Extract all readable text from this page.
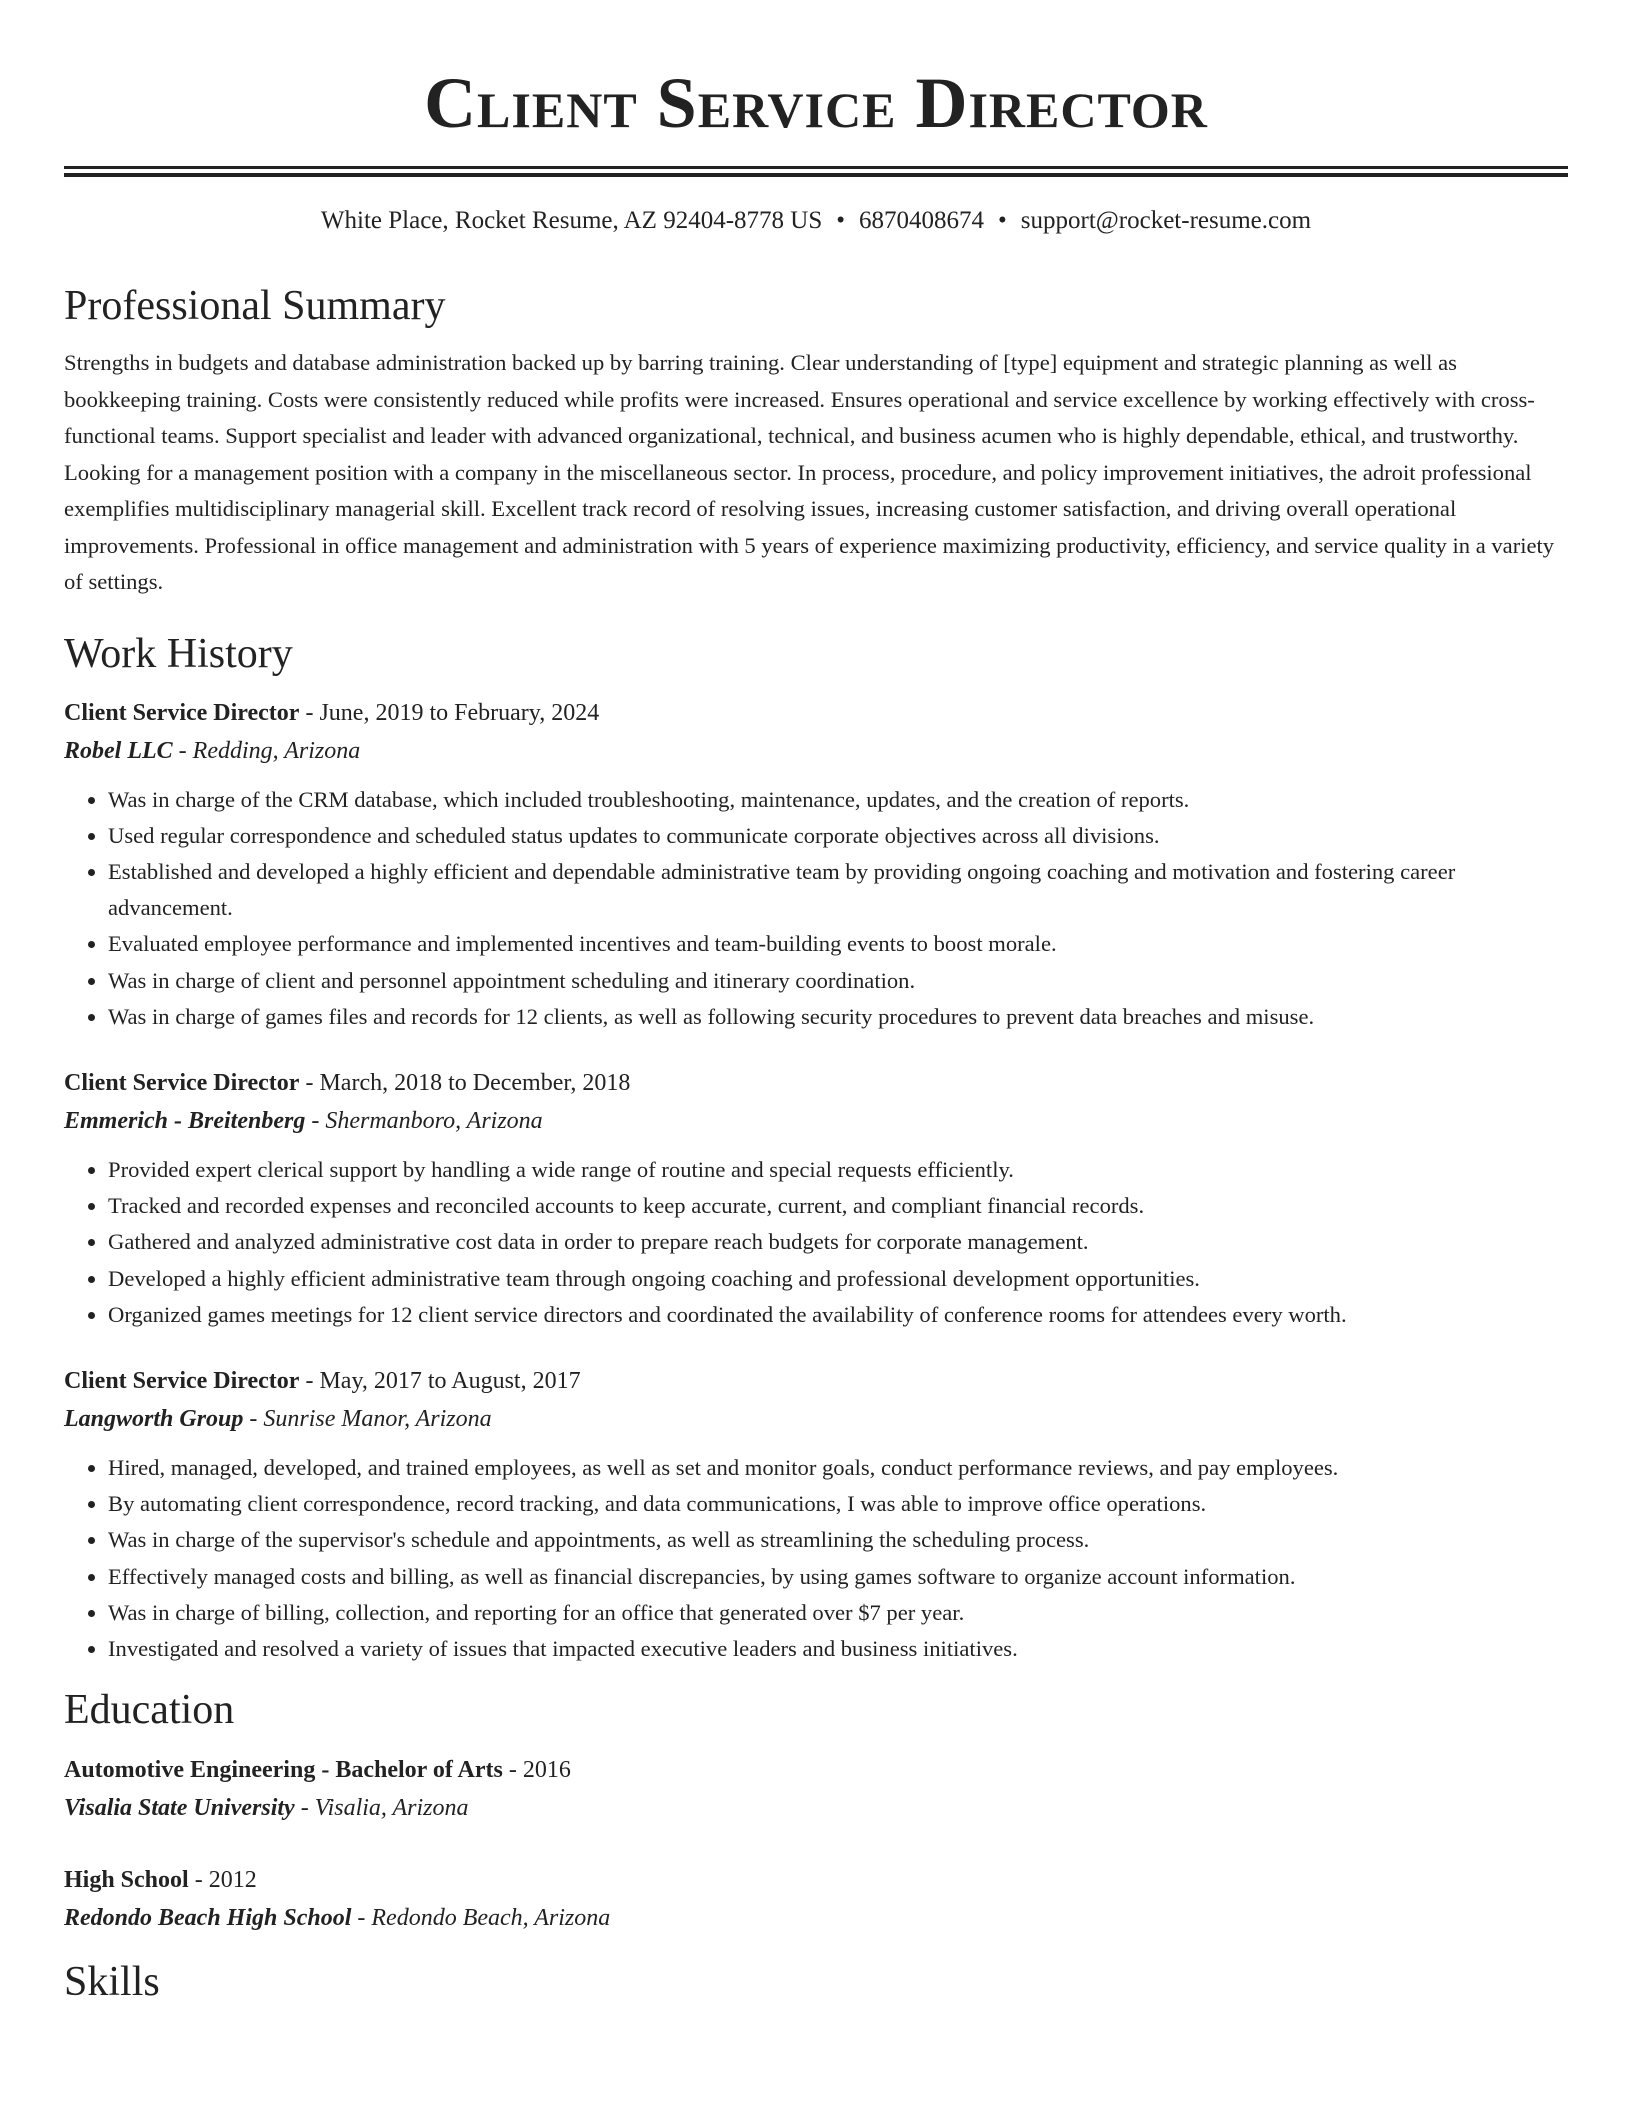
Client Service Director
White Place, Rocket Resume, AZ 92404-8778 US • 6870408674 • support@rocket-resume.com
Professional Summary

Strengths in budgets and database administration backed up by barring training. Clear understanding of [type] equipment and strategic planning as well as bookkeeping training. Costs were consistently reduced while profits were increased. Ensures operational and service excellence by working effectively with cross-functional teams. Support specialist and leader with advanced organizational, technical, and business acumen who is highly dependable, ethical, and trustworthy. Looking for a management position with a company in the miscellaneous sector. In process, procedure, and policy improvement initiatives, the adroit professional exemplifies multidisciplinary managerial skill. Excellent track record of resolving issues, increasing customer satisfaction, and driving overall operational improvements. Professional in office management and administration with 5 years of experience maximizing productivity, efficiency, and service quality in a variety of settings.

Work History
Client Service Director - June, 2019 to February, 2024
Robel LLC - Redding, Arizona
• Was in charge of the CRM database, which included troubleshooting, maintenance, updates, and the creation of reports.
• Used regular correspondence and scheduled status updates to communicate corporate objectives across all divisions.
• Established and developed a highly efficient and dependable administrative team by providing ongoing coaching and motivation and fostering career advancement.
• Evaluated employee performance and implemented incentives and team-building events to boost morale.
• Was in charge of client and personnel appointment scheduling and itinerary coordination.
• Was in charge of games files and records for 12 clients, as well as following security procedures to prevent data breaches and misuse.
Client Service Director - March, 2018 to December, 2018
Emmerich - Breitenberg - Shermanboro, Arizona
• Provided expert clerical support by handling a wide range of routine and special requests efficiently.
• Tracked and recorded expenses and reconciled accounts to keep accurate, current, and compliant financial records.
• Gathered and analyzed administrative cost data in order to prepare reach budgets for corporate management.
• Developed a highly efficient administrative team through ongoing coaching and professional development opportunities.
• Organized games meetings for 12 client service directors and coordinated the availability of conference rooms for attendees every worth.
Client Service Director - May, 2017 to August, 2017
Langworth Group - Sunrise Manor, Arizona
• Hired, managed, developed, and trained employees, as well as set and monitor goals, conduct performance reviews, and pay employees.
• By automating client correspondence, record tracking, and data communications, I was able to improve office operations.
• Was in charge of the supervisor's schedule and appointments, as well as streamlining the scheduling process.
• Effectively managed costs and billing, as well as financial discrepancies, by using games software to organize account information.
• Was in charge of billing, collection, and reporting for an office that generated over $7 per year.
• Investigated and resolved a variety of issues that impacted executive leaders and business initiatives.
Education
Automotive Engineering - Bachelor of Arts - 2016
Visalia State University - Visalia, Arizona
High School - 2012
Redondo Beach High School - Redondo Beach, Arizona
Skills
